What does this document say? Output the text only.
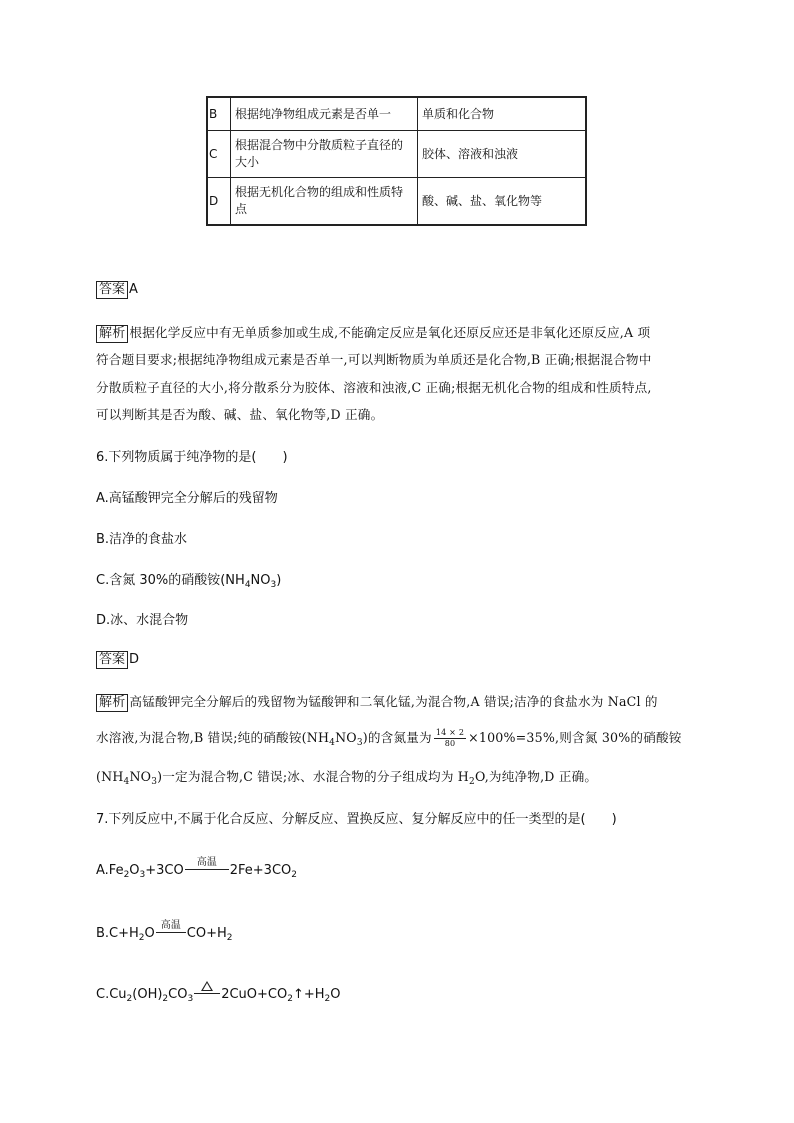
B	根据纯净物组成元素是否单一	单质和化合物
C	根据混合物中分散质粒子直径的大小	胶体、溶液和浊液
D	根据无机化合物的组成和性质特点	酸、碱、盐、氧化物等
答案 A
解析 根据化学反应中有无单质参加或生成,不能确定反应是氧化还原反应还是非氧化还原反应,A 项
符合题目要求;根据纯净物组成元素是否单一,可以判断物质为单质还是化合物,B 正确;根据混合物中
分散质粒子直径的大小,将分散系分为胶体、溶液和浊液,C 正确;根据无机化合物的组成和性质特点,
可以判断其是否为酸、碱、盐、氧化物等,D 正确。
6.下列物质属于纯净物的是(　　)
A.高锰酸钾完全分解后的残留物
B.洁净的食盐水
C.含氮 30%的硝酸铵$(NH_4NO_3)$
D.冰、水混合物
答案 D
解析 高锰酸钾完全分解后的残留物为锰酸钾和二氧化锰,为混合物,A 错误;洁净的食盐水为 NaCl 的
水溶液,为混合物,B 错误;纯的硝酸铵$(NH_4NO_3)$的含氮量为 $\frac{14 \times 2}{80} \times 100\%=35\%$,则含氮 30%的硝酸铵
$(NH_4NO_3)$一定为混合物,C 错误;冰、水混合物的分子组成均为 $H_2O$,为纯净物,D 正确。
7.下列反应中,不属于化合反应、分解反应、置换反应、复分解反应中的任一类型的是(　　)
$A.Fe_2O_3+3CO$
高温
$2Fe+3CO_2$
$B.C+H_2O$
高温
$CO+H_2$
$C.Cu_2(OH)_2CO_3$ $2CuO+CO_2↑+H_2O$
